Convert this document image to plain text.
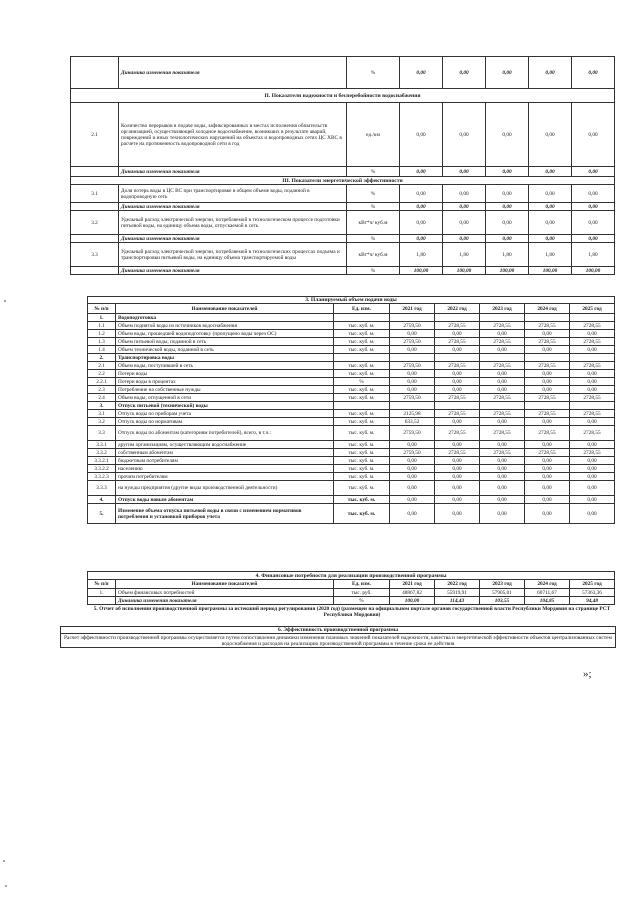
	Динамика изменения показателя	%	0,00	0,00	0,00	0,00	0,00
II. Показатели надежности и бесперебойности водоснабжения							
2.1	Количество перерывов в подаче воды, зафиксированных в местах исполнения обязательств организацией, осуществляющей холодное водоснабжение, возникших в результате аварий, повреждений и иных технологических нарушений на объектах и водопроводных сетях ЦС ХВС в расчете на протяженность водопроводной сети в год	ед./км	0,00	0,00	0,00	0,00	0,00
	Динамика изменения показателя	%	0,00	0,00	0,00	0,00	0,00
III. Показатели энергетической эффективности							
3.1	Доля потерь воды в ЦС ВС при транспортировке в общем объеме воды, поданной в водопроводную сеть	%	0,00	0,00	0,00	0,00	0,00
	Динамика изменения показателя	%	0,00	0,00	0,00	0,00	0,00
3.2	Удельный расход электрической энергии, потребляемой в технологическом процессе подготовки питьевой воды, на единицу объема воды, отпускаемой в сеть	кВт*ч/ куб.м	0,00	0,00	0,00	0,00	0,00
	Динамика изменения показателя	%	0,00	0,00	0,00	0,00	0,00
3.3	Удельный расход электрической энергии, потребляемой в технологических процессах подъема и транспортировки питьевой воды, на единицу объема транспортируемой воды	кВт*ч/ куб.м	1,80	1,80	1,80	1,80	1,80
	Динамика изменения показателя	%	100,00	100,00	100,00	100,00	100,00
3. Планируемый объем подачи воды							
№ п/п	Наименование показателей	Ед. изм.	2021 год	2022 год	2023 год	2024 год	2025 год
1.	Водоподготовка						
1.1	Объем поднятой воды из источников водоснабжения	тыс. куб. м.	2759,50	2728,55	2728,55	2728,55	2728,55
1.2	Объем воды, прошедшей водоподготовку (пропущено воды через ОС)	тыс. куб. м.	0,00	0,00	0,00	0,00	0,00
1.3	Объем питьевой воды, поданной в сеть	тыс. куб. м.	2759,50	2728,55	2728,55	2728,55	2728,55
1.4	Объем технической воды, поданной в сеть	тыс. куб. м.	0,00	0,00	0,00	0,00	0,00
2.	Транспортировка воды						
2.1	Объем воды, поступившей в сеть	тыс. куб. м.	2759,50	2728,55	2728,55	2728,55	2728,55
2.2	Потери воды	тыс. куб. м.	0,00	0,00	0,00	0,00	0,00
2.2.1	Потери воды в процентах	%	0,00	0,00	0,00	0,00	0,00
2.3	Потребление на собственные нужды	тыс. куб. м.	0,00	0,00	0,00	0,00	0,00
2.4	Объем воды, отпущенной в сети	тыс. куб. м.	2759,50	2728,55	2728,55	2728,55	2728,55
3.	Отпуск питьевой (технической) воды						
3.1	Отпуск воды по приборам учета	тыс. куб. м.	2125,98	2728,55	2728,55	2728,55	2728,55
3.2	Отпуск воды по нормативам	тыс. куб. м.	633,52	0,00	0,00	0,00	0,00
3.3	Отпуск воды по абонентам (категориям потребителей), всего, в т.ч.:	тыс. куб. м.	2759,50	2728,55	2728,55	2728,55	2728,55
3.3.1	другим организациям, осуществляющим водоснабжение	тыс. куб. м.	0,00	0,00	0,00	0,00	0,00
3.3.2	собственным абонентам	тыс. куб. м.	2759,50	2728,55	2728,55	2728,55	2728,55
3.3.2.1	бюджетным потребителям	тыс. куб. м.	0,00	0,00	0,00	0,00	0,00
3.3.2.2	населению	тыс. куб. м.	0,00	0,00	0,00	0,00	0,00
3.3.2.3	прочим потребителям	тыс. куб. м.	0,00	0,00	0,00	0,00	0,00
3.3.3	на нужды предприятия (другие виды производственной деятельности)	тыс. куб. м.	0,00	0,00	0,00	0,00	0,00
4.	Отпуск воды новым абонентам	тыс. куб. м.	0,00	0,00	0,00	0,00	0,00
5.	Изменение объема отпуска питьевой воды в связи с изменением нормативов потребления и установкой приборов учета	тыс. куб. м.	0,00	0,00	0,00	0,00	0,00
4. Финансовые потребности для реализации производственной программы							
№ п/п	Наименование показателей	Ед. изм.	2021 год	2022 год	2023 год	2024 год	2025 год
1.	Объем финансовых потребностей	тыс. руб.	48867,82	55919,91	57905,01	60711,67	57363,36
	Динамика изменения показателя	%	100,00	114,43	103,55	104,85	94,48
5. Отчет об исполнении производственной программы за истекший период регулирования (2020 год) (размещен на официальном портале органов государственной власти Республики Мордовия на странице РСТ Республики Мордовия)
6. Эффективность производственной программы
Расчет эффективности производственной программы осуществляется путем сопоставления динамики изменения плановых значений показателей надежности, качества и энергетической эффективности объектов централизованных систем водоснабжения и расходов на реализацию производственной программы в течение срока ее действия
»;
